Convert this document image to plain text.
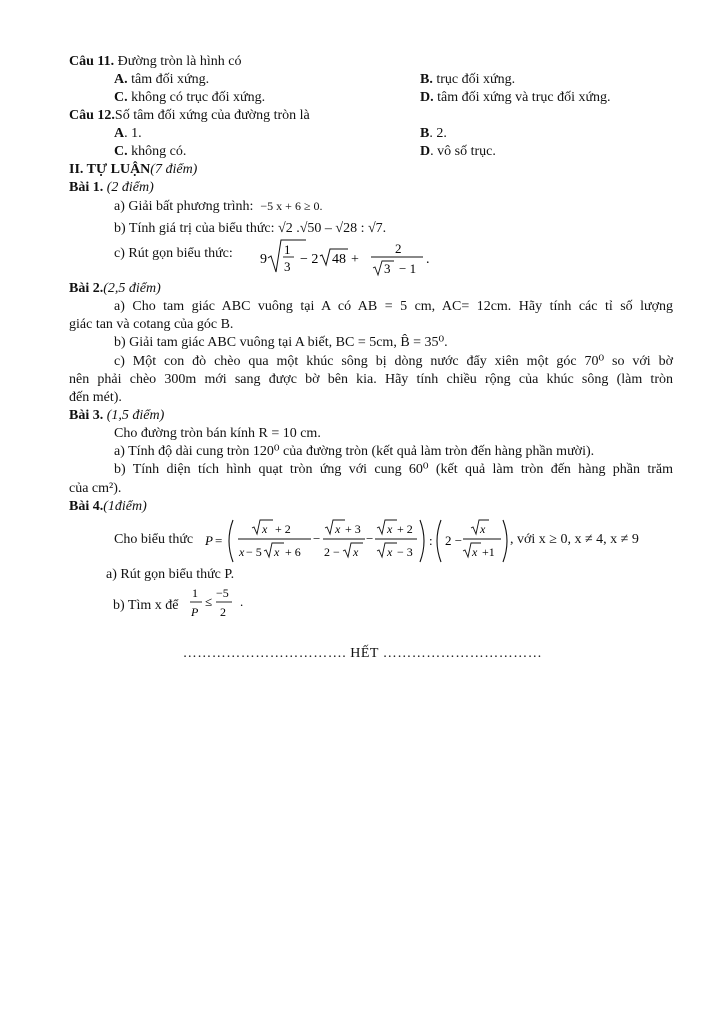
Câu 11. Đường tròn là hình có
A. tâm đối xứng.	B. trục đối xứng.
C. không có trục đối xứng.	D. tâm đối xứng và trục đối xứng.
Câu 12.Số tâm đối xứng của đường tròn là
A. 1.	B. 2.
C. không có.	D. vô số trục.
II. TỰ LUẬN(7 điểm)
Bài 1. (2 điểm)
a) Giải bất phương trình: −5 x + 6 ≥ 0.
b) Tính giá trị của biểu thức: √2 .√50 – √28 : √7.
c) Rút gọn biểu thức: 9
1
3 − 2 48 +
2
3 − 1
.
Bài 2.(2,5 điểm)
a) Cho tam giác ABC vuông tại A có AB = 5 cm, AC= 12cm. Hãy tính các tỉ số lượng
giác tan và cotang của góc B.
b) Giải tam giác ABC vuông tại A biết, BC = 5cm, B̂ = 35⁰.
c) Một con đò chèo qua một khúc sông bị dòng nước đẩy xiên một góc 70⁰ so với bờ
nên phải chèo 300m mới sang được bờ bên kia. Hãy tính chiều rộng của khúc sông (làm tròn
đến mét).
Bài 3. (1,5 điểm)
Cho đường tròn bán kính R = 10 cm.
a) Tính độ dài cung tròn 120⁰ của đường tròn (kết quả làm tròn đến hàng phần mười).
b) Tính diện tích hình quạt tròn ứng với cung 60⁰ (kết quả làm tròn đến hàng phần trăm
của cm²).
Bài 4.(1điểm)
Cho biểu thức P =
x + 2
x − 5 x + 6
−
x + 3
2 − x
−
x + 2
x − 3
: 2 −
x
x +1
, với x ≥ 0, x ≠ 4, x ≠ 9
a) Rút gọn biểu thức P.
b) Tìm x để
1
P
≤
−5
2
.
……………………………. HẾT ……………………………
